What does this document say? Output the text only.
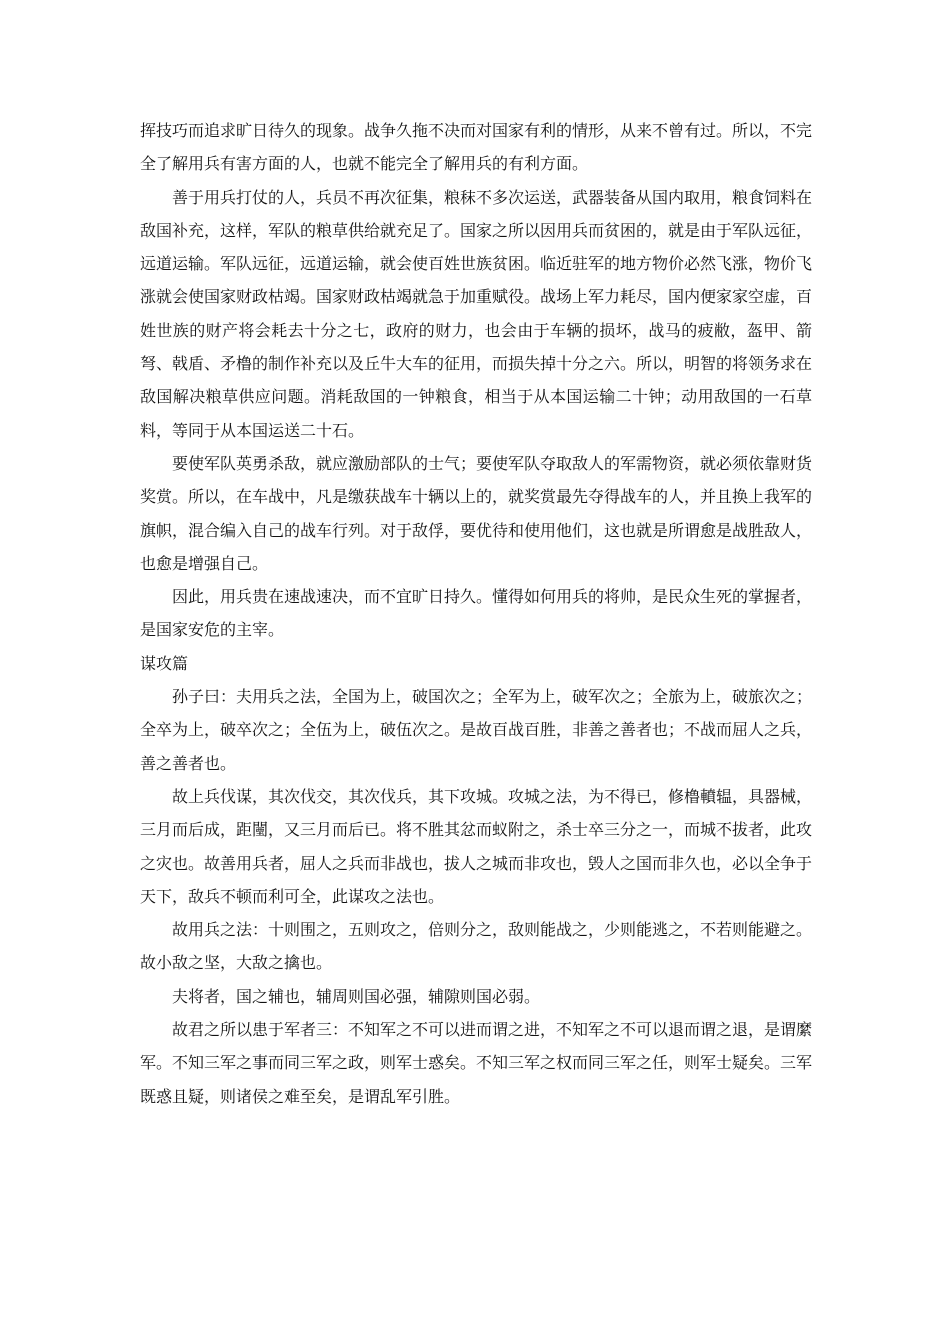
挥技巧而追求旷日待久的现象。战争久拖不决而对国家有利的情形，从来不曾有过。所以，不完全了解用兵有害方面的人，也就不能完全了解用兵的有利方面。

善于用兵打仗的人，兵员不再次征集，粮秣不多次运送，武器装备从国内取用，粮食饲料在敌国补充，这样，军队的粮草供给就充足了。国家之所以因用兵而贫困的，就是由于军队远征，远道运输。军队远征，远道运输，就会使百姓世族贫困。临近驻军的地方物价必然飞涨，物价飞涨就会使国家财政枯竭。国家财政枯竭就急于加重赋役。战场上军力耗尽，国内便家家空虚，百姓世族的财产将会耗去十分之七，政府的财力，也会由于车辆的损坏，战马的疲敝，盔甲、箭弩、戟盾、矛橹的制作补充以及丘牛大车的征用，而损失掉十分之六。所以，明智的将领务求在敌国解决粮草供应问题。消耗敌国的一钟粮食，相当于从本国运输二十钟；动用敌国的一石草料，等同于从本国运送二十石。

要使军队英勇杀敌，就应激励部队的士气；要使军队夺取敌人的军需物资，就必须依靠财货奖赏。所以，在车战中，凡是缴获战车十辆以上的，就奖赏最先夺得战车的人，并且换上我军的旗帜，混合编入自己的战车行列。对于敌俘，要优待和使用他们，这也就是所谓愈是战胜敌人，也愈是增强自己。

因此，用兵贵在速战速决，而不宜旷日持久。懂得如何用兵的将帅，是民众生死的掌握者，是国家安危的主宰。

谋攻篇

孙子曰：夫用兵之法，全国为上，破国次之；全军为上，破军次之；全旅为上，破旅次之；全卒为上，破卒次之；全伍为上，破伍次之。是故百战百胜，非善之善者也；不战而屈人之兵，善之善者也。

故上兵伐谋，其次伐交，其次伐兵，其下攻城。攻城之法，为不得已，修橹轒辒，具器械，三月而后成，距闉，又三月而后已。将不胜其忿而蚁附之，杀士卒三分之一，而城不拔者，此攻之灾也。故善用兵者，屈人之兵而非战也，拔人之城而非攻也，毁人之国而非久也，必以全争于天下，敌兵不顿而利可全，此谋攻之法也。

故用兵之法：十则围之，五则攻之，倍则分之，敌则能战之，少则能逃之，不若则能避之。故小敌之坚，大敌之擒也。

夫将者，国之辅也，辅周则国必强，辅隙则国必弱。

故君之所以患于军者三：不知军之不可以进而谓之进，不知军之不可以退而谓之退，是谓縻军。不知三军之事而同三军之政，则军士惑矣。不知三军之权而同三军之任，则军士疑矣。三军既惑且疑，则诸侯之难至矣，是谓乱军引胜。
